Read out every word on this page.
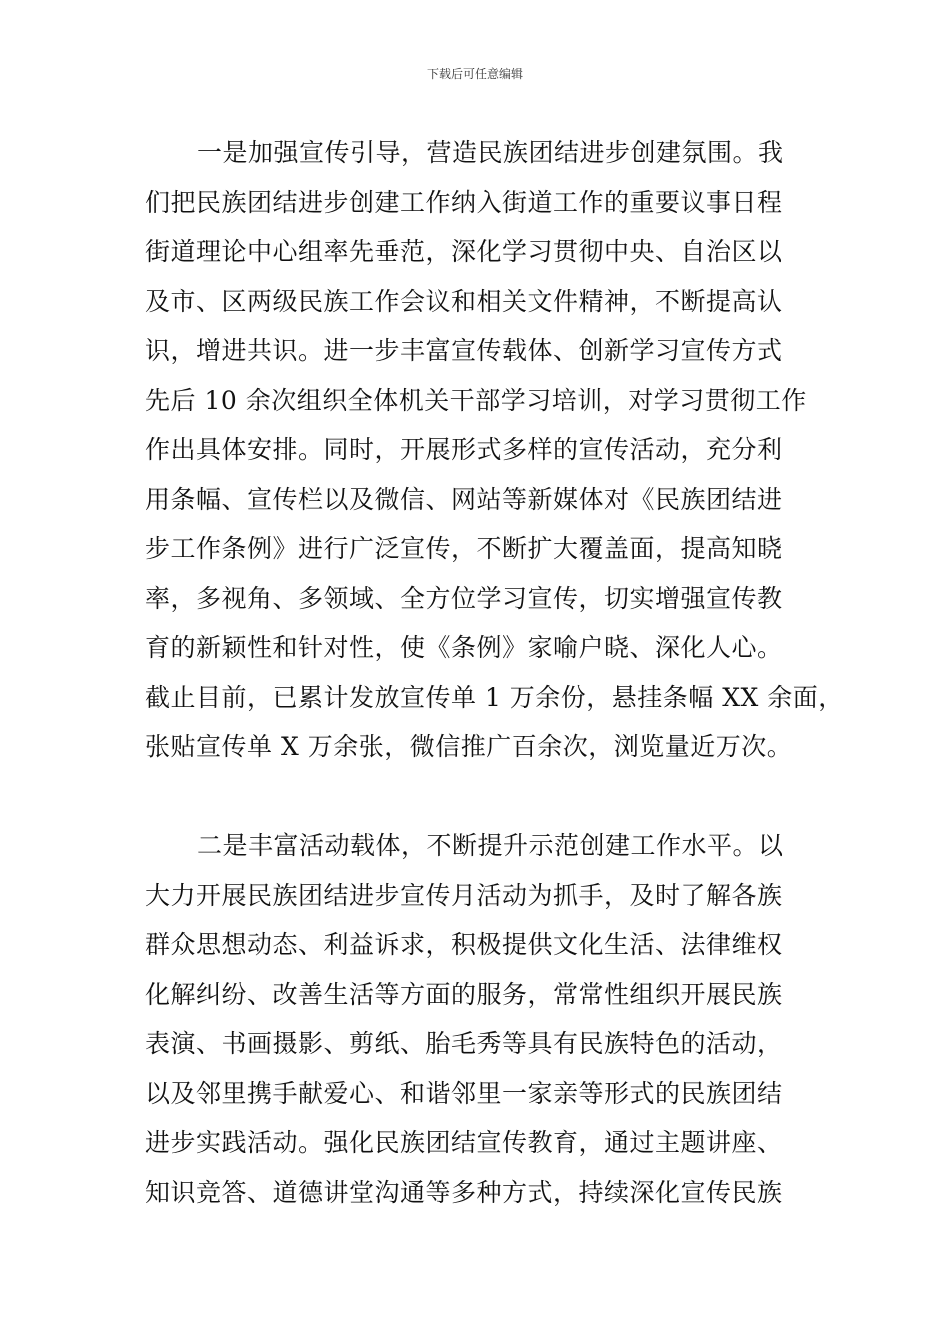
下载后可任意编辑
一是加强宣传引导，营造民族团结进步创建氛围。我
们把民族团结进步创建工作纳入街道工作的重要议事日程
街道理论中心组率先垂范，深化学习贯彻中央、自治区以
及市、区两级民族工作会议和相关文件精神，不断提高认
识，增进共识。进一步丰富宣传载体、创新学习宣传方式
先后 10 余次组织全体机关干部学习培训，对学习贯彻工作
作出具体安排。同时，开展形式多样的宣传活动，充分利
用条幅、宣传栏以及微信、网站等新媒体对《民族团结进
步工作条例》进行广泛宣传，不断扩大覆盖面，提高知晓
率，多视角、多领域、全方位学习宣传，切实增强宣传教
育的新颖性和针对性，使《条例》家喻户晓、深化人心。
截止目前，已累计发放宣传单 1 万余份，悬挂条幅 XX 余面，
张贴宣传单 X 万余张，微信推广百余次，浏览量近万次。
二是丰富活动载体，不断提升示范创建工作水平。以
大力开展民族团结进步宣传月活动为抓手，及时了解各族
群众思想动态、利益诉求，积极提供文化生活、法律维权
化解纠纷、改善生活等方面的服务，常常性组织开展民族
表演、书画摄影、剪纸、胎毛秀等具有民族特色的活动，
以及邻里携手献爱心、和谐邻里一家亲等形式的民族团结
进步实践活动。强化民族团结宣传教育，通过主题讲座、
知识竞答、道德讲堂沟通等多种方式，持续深化宣传民族
